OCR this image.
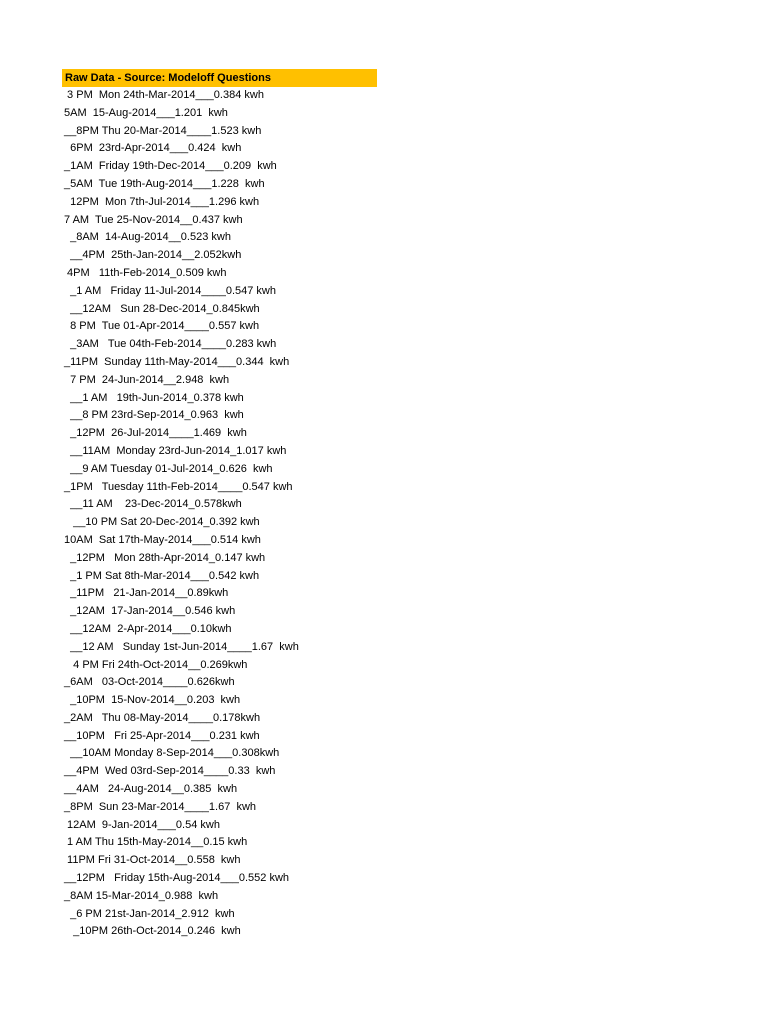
Raw Data - Source: Modeloff Questions
3 PM  Mon 24th-Mar-2014___0.384 kwh
5AM  15-Aug-2014___1.201  kwh
__8PM Thu 20-Mar-2014____1.523 kwh
6PM  23rd-Apr-2014___0.424  kwh
_1AM  Friday 19th-Dec-2014___0.209  kwh
_5AM  Tue 19th-Aug-2014___1.228  kwh
12PM  Mon 7th-Jul-2014___1.296 kwh
7 AM  Tue 25-Nov-2014__0.437 kwh
_8AM  14-Aug-2014__0.523 kwh
__4PM  25th-Jan-2014__2.052kwh
4PM   11th-Feb-2014_0.509 kwh
_1 AM   Friday 11-Jul-2014____0.547 kwh
__12AM   Sun 28-Dec-2014_0.845kwh
8 PM  Tue 01-Apr-2014____0.557 kwh
_3AM   Tue 04th-Feb-2014____0.283 kwh
_11PM  Sunday 11th-May-2014___0.344  kwh
7 PM  24-Jun-2014__2.948  kwh
__1 AM   19th-Jun-2014_0.378 kwh
__8 PM 23rd-Sep-2014_0.963  kwh
_12PM  26-Jul-2014____1.469  kwh
__11AM  Monday 23rd-Jun-2014_1.017 kwh
__9 AM Tuesday 01-Jul-2014_0.626  kwh
_1PM   Tuesday 11th-Feb-2014____0.547 kwh
__11 AM    23-Dec-2014_0.578kwh
__10 PM Sat 20-Dec-2014_0.392 kwh
10AM  Sat 17th-May-2014___0.514 kwh
_12PM   Mon 28th-Apr-2014_0.147 kwh
_1 PM Sat 8th-Mar-2014___0.542 kwh
_11PM   21-Jan-2014__0.89kwh
_12AM  17-Jan-2014__0.546 kwh
__12AM  2-Apr-2014___0.10kwh
__12 AM   Sunday 1st-Jun-2014____1.67  kwh
4 PM Fri 24th-Oct-2014__0.269kwh
_6AM   03-Oct-2014____0.626kwh
_10PM  15-Nov-2014__0.203  kwh
_2AM   Thu 08-May-2014____0.178kwh
__10PM   Fri 25-Apr-2014___0.231 kwh
__10AM Monday 8-Sep-2014___0.308kwh
__4PM  Wed 03rd-Sep-2014____0.33  kwh
__4AM   24-Aug-2014__0.385  kwh
_8PM  Sun 23-Mar-2014____1.67  kwh
12AM  9-Jan-2014___0.54 kwh
1 AM Thu 15th-May-2014__0.15 kwh
11PM Fri 31-Oct-2014__0.558  kwh
__12PM   Friday 15th-Aug-2014___0.552 kwh
_8AM 15-Mar-2014_0.988  kwh
_6 PM 21st-Jan-2014_2.912  kwh
_10PM 26th-Oct-2014_0.246  kwh
